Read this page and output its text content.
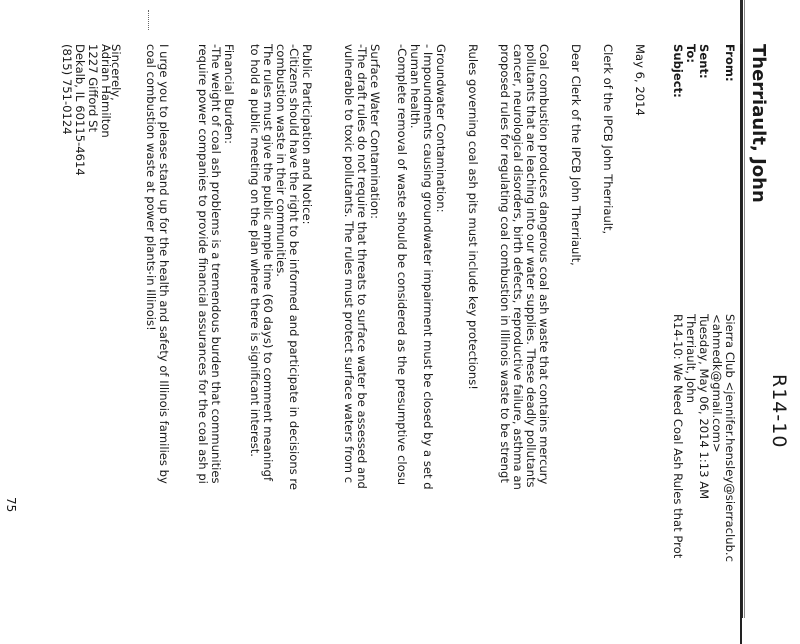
R14-10
Therriault, John
From:
Sierra Club <jennifer.hensley@sierraclub.c
<ahmedk@gmail.com>
Sent:
Tuesday, May 06, 2014 1:13 AM
To:
Therriault, John
Subject:
R14-10: We Need Coal Ash Rules that Prot
May 6, 2014
Clerk of the IPCB John Therriault,
Dear Clerk of the IPCB John Therriault,
Coal combustion produces dangerous coal ash waste that contains mercury
pollutants that are leaching into our water supplies. These deadly pollutants
cancer, neurological disorders, birth defects, reproductive failure, asthma an
proposed rules for regulating coal combustion in Illinois waste to be strengt
Rules governing coal ash pits must include key protections!
Groundwater Contamination:
- Impoundments causing groundwater impairment must be closed by a set d
human health.
-Complete removal of waste should be considered as the presumptive closu
Surface Water Contamination:
-The draft rules do not require that threats to surface water be assessed and
vulnerable to toxic pollutants. The rules must protect surface waters from c
Public Participation and Notice:
-Citizens should have the right to be informed and participate in decisions re
combustion waste in their communities.
The rules must give the public ample time (60 days) to comment meaningf
to hold a public meeting on the plan where there is significant interest.
Financial Burden:
-The weight of coal ash problems is a tremendous burden that communities
require power companies to provide financial assurances for the coal ash pi
I urge you to please stand up for the health and safety of Illinois families by
coal combustion waste at power plants in Illinois!
Sincerely,
Adrian Hamilton
1227 Gifford St
Dekalb, IL 60115-4614
(815) 751-0124
75
